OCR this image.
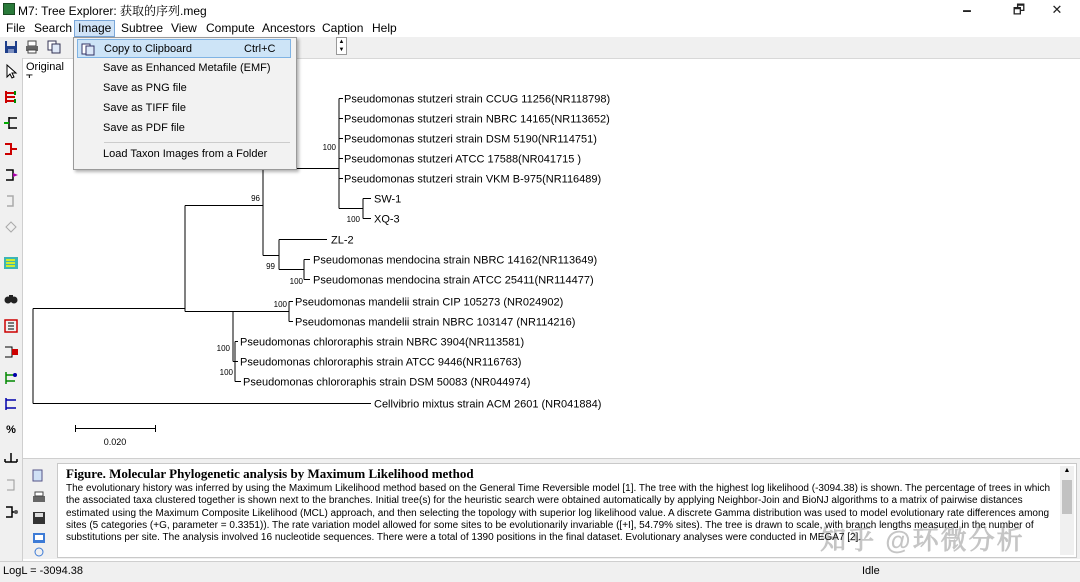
M7: Tree Explorer: 获取的序列.meg	🗕	🗗	✕
File Search Image Subtree View Compute Ancestors Caption Help
▲
▼
%
Original
Pseudomonas stutzeri strain CCUG 11256(NR118798)
Pseudomonas stutzeri strain NBRC 14165(NR113652)
Pseudomonas stutzeri strain DSM 5190(NR114751)
Pseudomonas stutzeri ATCC 17588(NR041715 )
Pseudomonas stutzeri strain VKM B-975(NR116489)
SW-1
XQ-3
ZL-2
Pseudomonas mendocina strain NBRC 14162(NR113649)
Pseudomonas mendocina strain ATCC 25411(NR114477)
Pseudomonas mandelii strain CIP 105273 (NR024902)
Pseudomonas mandelii strain NBRC 103147 (NR114216)
Pseudomonas chlororaphis strain NBRC 3904(NR113581)
Pseudomonas chlororaphis strain ATCC 9446(NR116763)
Pseudomonas chlororaphis strain DSM 50083 (NR044974)
Cellvibrio mixtus strain ACM 2601 (NR041884)
100
96
100
99
100
100
100
100
0.020
Figure. Molecular Phylogenetic analysis by Maximum Likelihood method
The evolutionary history was inferred by using the Maximum Likelihood method based on the General Time Reversible model [1]. The tree with the highest log likelihood (-3094.38) is shown. The percentage of trees in which the associated taxa clustered together is shown next to the branches. Initial tree(s) for the heuristic search were obtained automatically by applying Neighbor-Join and BioNJ algorithms to a matrix of pairwise distances estimated using the Maximum Composite Likelihood (MCL) approach, and then selecting the topology with superior log likelihood value. A discrete Gamma distribution was used to model evolutionary rate differences among sites (5 categories (+G, parameter = 0.3351)). The rate variation model allowed for some sites to be evolutionarily invariable ([+I], 54.79% sites). The tree is drawn to scale, with branch lengths measured in the number of substitutions per site. The analysis involved 16 nucleotide sequences. There were a total of 1390 positions in the final dataset. Evolutionary analyses were conducted in MEGA7 [2].
▲
LogL = -3094.38	Idle
知乎 @环微分析
Copy to Clipboard	Ctrl+C
Save as Enhanced Metafile (EMF)
Save as PNG file
Save as TIFF file
Save as PDF file
Load Taxon Images from a Folder
